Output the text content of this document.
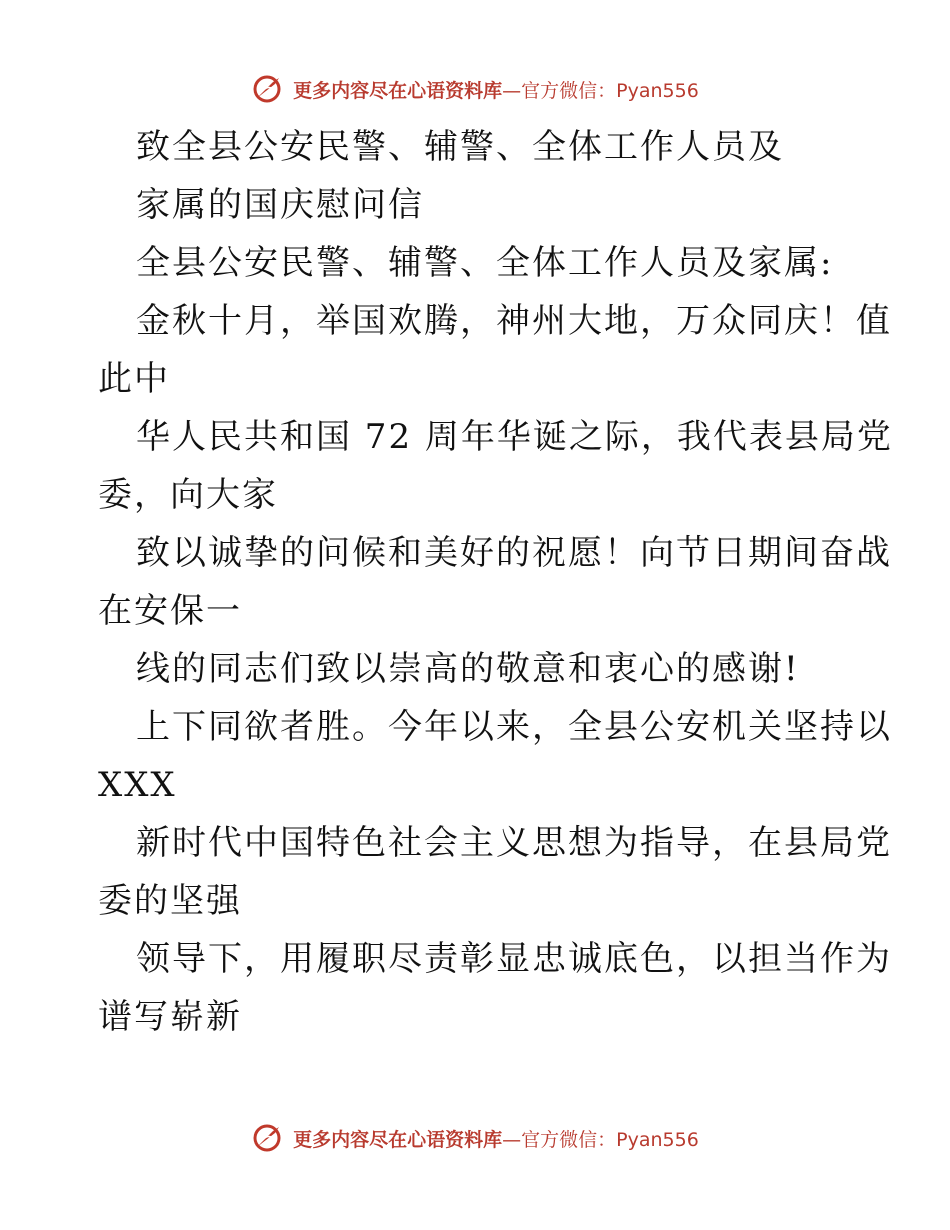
更多内容尽在心语资料库—官方微信：Pyan556
致全县公安民警、辅警、全体工作人员及
家属的国庆慰问信
全县公安民警、辅警、全体工作人员及家属:
金秋十月，举国欢腾，神州大地，万众同庆！值
此中
华人民共和国 72 周年华诞之际，我代表县局党
委，向大家
致以诚挚的问候和美好的祝愿！向节日期间奋战
在安保一
线的同志们致以崇高的敬意和衷心的感谢!
上下同欲者胜。今年以来，全县公安机关坚持以
XXX
新时代中国特色社会主义思想为指导，在县局党
委的坚强
领导下，用履职尽责彰显忠诚底色，以担当作为
谱写崭新
更多内容尽在心语资料库—官方微信：Pyan556
